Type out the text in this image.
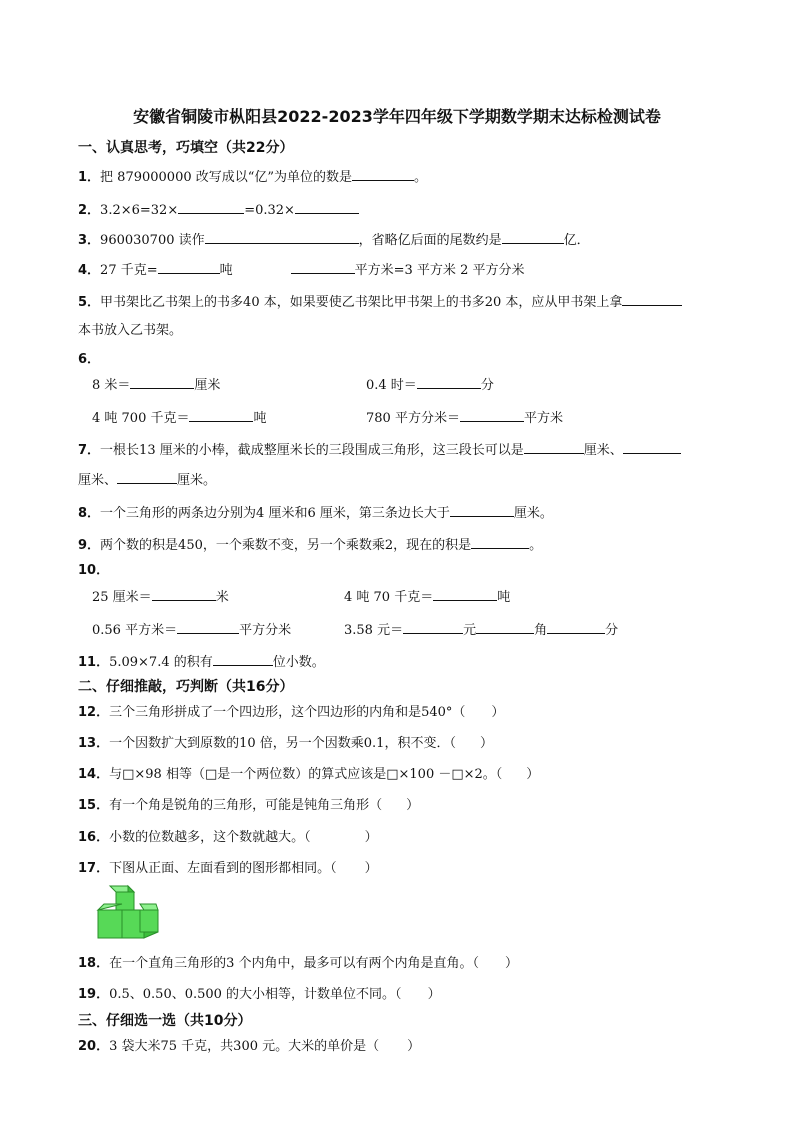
安徽省铜陵市枞阳县2022-2023学年四年级下学期数学期末达标检测试卷
一、认真思考，巧填空（共22分）
1．把 879000000 改写成以“亿”为单位的数是	。
2．3.2×6=32×	=0.32×
3．960030700 读作	，省略亿后面的尾数约是	亿．
4．27 千克=	吨	平方米=3 平方米 2 平方分米
5．甲书架比乙书架上的书多40 本，如果要使乙书架比甲书架上的书多20 本，应从甲书架上拿
本书放入乙书架。
6．
8 米＝	厘米	0.4 时＝	分
4 吨 700 千克＝	吨	780 平方分米＝	平方米
7．一根长13 厘米的小棒，截成整厘米长的三段围成三角形，这三段长可以是	厘米、
厘米、	厘米。
8．一个三角形的两条边分别为4 厘米和6 厘米，第三条边长大于	厘米。
9．两个数的积是450，一个乘数不变，另一个乘数乘2，现在的积是	。
10．
25 厘米＝	米	4 吨 70 千克＝	吨
0.56 平方米＝	平方分米	3.58 元＝	元	角	分
11．5.09×7.4 的积有	位小数。
二、仔细推敲，巧判断（共16分）
12．三个三角形拼成了一个四边形，这个四边形的内角和是540°（ ）
13．一个因数扩大到原数的10 倍，另一个因数乘0.1，积不变．（ ）
14．与□×98 相等（□是一个两位数）的算式应该是□×100 －□×2。（ ）
15．有一个角是锐角的三角形，可能是钝角三角形（ ）
16．小数的位数越多，这个数就越大。（	）
17．下图从正面、左面看到的图形都相同。（ ）
18．在一个直角三角形的3 个内角中，最多可以有两个内角是直角。（ ）
19．0.5、0.50、0.500 的大小相等，计数单位不同。（ ）
三、仔细选一选（共10分）
20．3 袋大米75 千克，共300 元。大米的单价是（ ）
